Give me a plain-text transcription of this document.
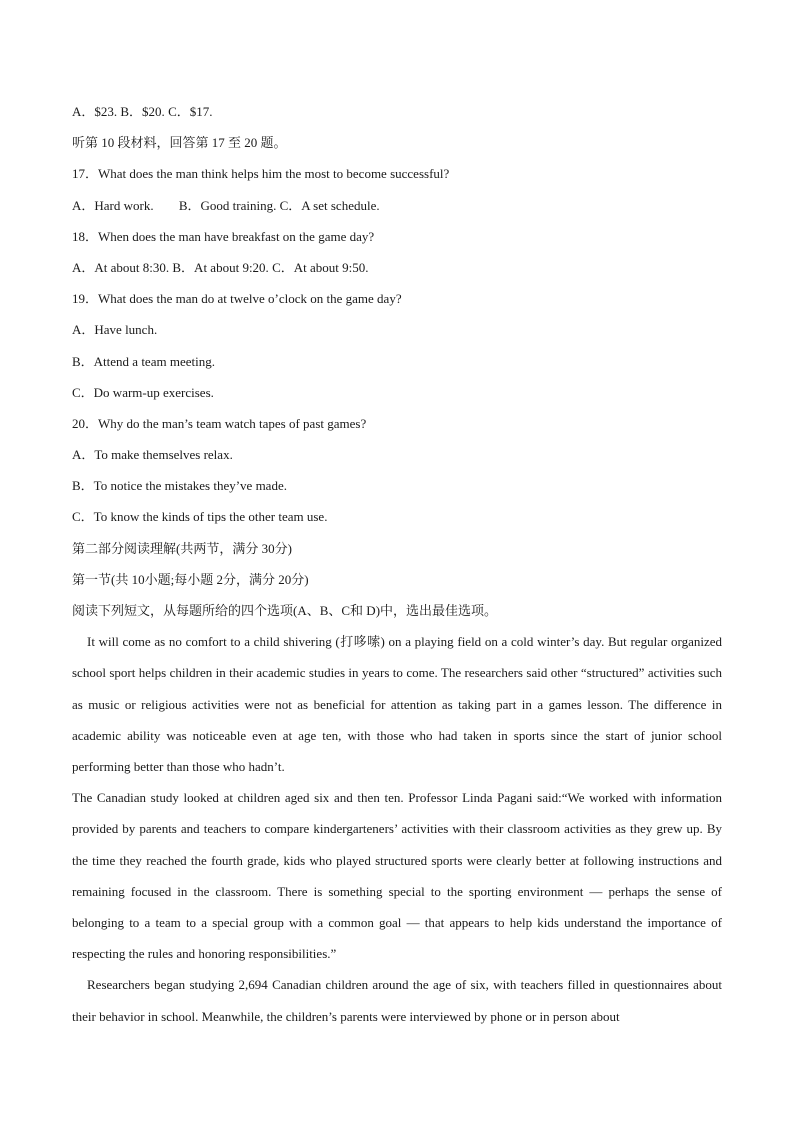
A．$23. B．$20. C．$17.
听第 10 段材料，回答第 17 至 20 题。
17．What does the man think helps him the most to become successful?
A．Hard work. B．Good training. C．A set schedule.
18．When does the man have breakfast on the game day?
A．At about 8:30. B．At about 9:20. C．At about 9:50.
19．What does the man do at twelve o’clock on the game day?
A．Have lunch.
B．Attend a team meeting.
C．Do warm-up exercises.
20．Why do the man’s team watch tapes of past games?
A．To make themselves relax.
B．To notice the mistakes they’ve made.
C．To know the kinds of tips the other team use.
第二部分阅读理解(共两节，满分 30分)
第一节(共 10小题;每小题 2分，满分 20分)
阅读下列短文，从每题所给的四个选项(A、B、C和 D)中，选出最佳选项。

It will come as no comfort to a child shivering (打哆嗦) on a playing field on a cold winter’s day. But regular organized school sport helps children in their academic studies in years to come. The researchers said other “structured” activities such as music or religious activities were not as beneficial for attention as taking part in a games lesson. The difference in academic ability was noticeable even at age ten, with those who had taken in sports since the start of junior school performing better than those who hadn’t.

The Canadian study looked at children aged six and then ten. Professor Linda Pagani said:“We worked with information provided by parents and teachers to compare kindergarteners’ activities with their classroom activities as they grew up. By the time they reached the fourth grade, kids who played structured sports were clearly better at following instructions and remaining focused in the classroom. There is something special to the sporting environment — perhaps the sense of belonging to a team to a special group with a common goal — that appears to help kids understand the importance of respecting the rules and honoring responsibilities.”

Researchers began studying 2,694 Canadian children around the age of six, with teachers filled in questionnaires about their behavior in school. Meanwhile, the children’s parents were interviewed by phone or in person about
